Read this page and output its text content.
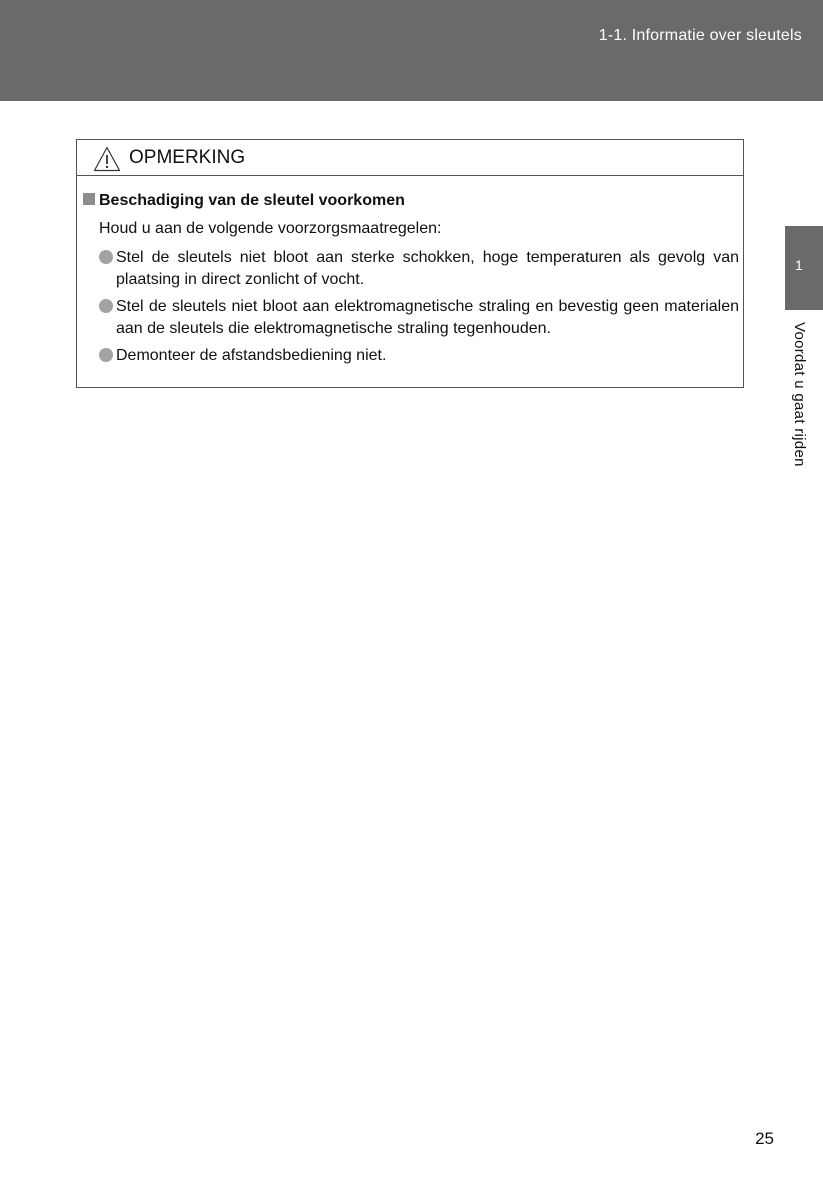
1-1. Informatie over sleutels
OPMERKING
Beschadiging van de sleutel voorkomen
Houd u aan de volgende voorzorgsmaatregelen:
Stel de sleutels niet bloot aan sterke schokken, hoge temperaturen als gevolg van plaatsing in direct zonlicht of vocht.
Stel de sleutels niet bloot aan elektromagnetische straling en bevestig geen materialen aan de sleutels die elektromagnetische straling tegenhouden.
Demonteer de afstandsbediening niet.
1
Voordat u gaat rijden
25
